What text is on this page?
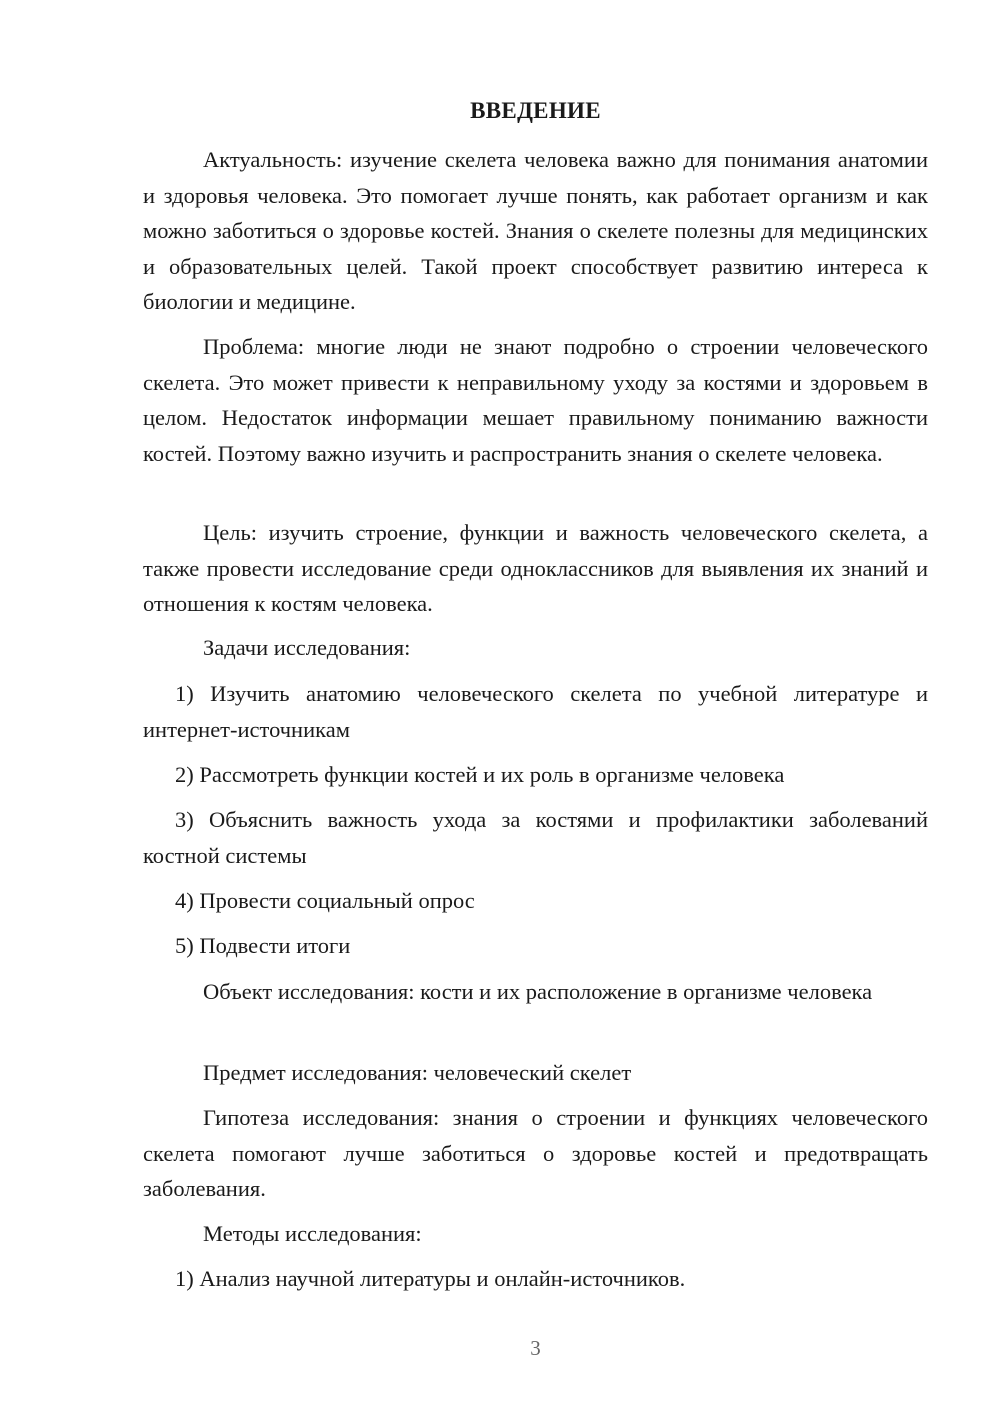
ВВЕДЕНИЕ

Актуальность: изучение скелета человека важно для понимания анатомии и здоровья человека. Это помогает лучше понять, как работает организм и как можно заботиться о здоровье костей. Знания о скелете полезны для медицинских и образовательных целей. Такой проект способствует развитию интереса к биологии и медицине.

Проблема: многие люди не знают подробно о строении человеческого скелета. Это может привести к неправильному уходу за костями и здоровьем в целом. Недостаток информации мешает правильному пониманию важности костей. Поэтому важно изучить и распространить знания о скелете человека.

Цель: изучить строение, функции и важность человеческого скелета, а также провести исследование среди одноклассников для выявления их знаний и отношения к костям человека.

Задачи исследования:

1) Изучить анатомию человеческого скелета по учебной литературе и интернет-источникам

2) Рассмотреть функции костей и их роль в организме человека

3) Объяснить важность ухода за костями и профилактики заболеваний костной системы

4) Провести социальный опрос

5) Подвести итоги

Объект исследования: кости и их расположение в организме человека

Предмет исследования: человеческий скелет

Гипотеза исследования: знания о строении и функциях человеческого скелета помогают лучше заботиться о здоровье костей и предотвращать заболевания.

Методы исследования:

1) Анализ научной литературы и онлайн-источников.

3
